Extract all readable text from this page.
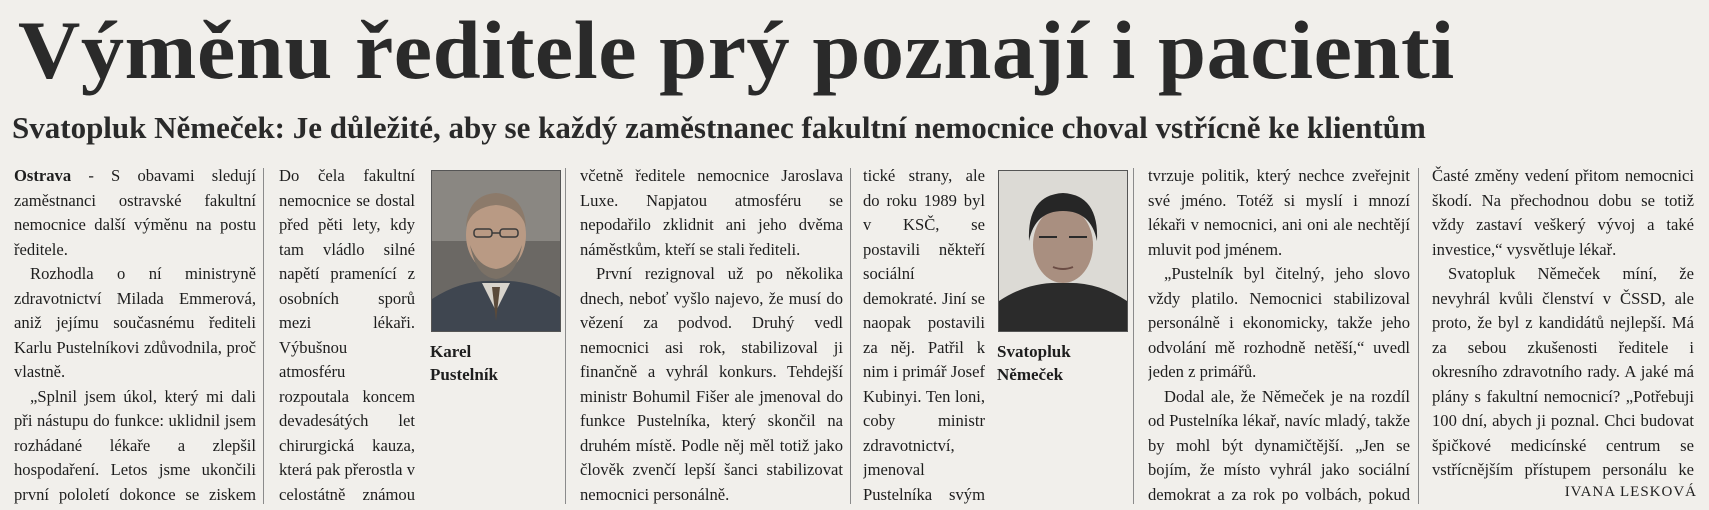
Výměnu ředitele prý poznají i pacienti
Svatopluk Němeček: Je důležité, aby se každý zaměstnanec fakultní nemocnice choval vstřícně ke klientům

Ostrava - S obavami sledují zaměstnanci ostravské fakultní nemocnice další výměnu na postu ředitele.

Rozhodla o ní ministryně zdravotnictví Milada Emmerová, aniž jejímu současnému řediteli Karlu Pustelníkovi zdůvodnila, proč vlastně.

„Splnil jsem úkol, který mi dali při nástupu do funkce: uklidnil jsem rozhádané lékaře a zlepšil hospodaření. Letos jsme ukončili první pololetí dokonce se ziskem

Do čela fakultní nemocnice se dostal před pěti lety, kdy tam vládlo silné napětí pramenící z osobních sporů mezi lékaři. Výbušnou atmosféru rozpoutala koncem devadesátých let chirurgická kauza, která pak přerostla v celostátně známou

Karel
Pustelník

včetně ředitele nemocnice Jaroslava Luxe. Napjatou atmosféru se nepodařilo zklidnit ani jeho dvěma náměstkům, kteří se stali řediteli.

První rezignoval už po několika dnech, neboť vyšlo najevo, že musí do vězení za podvod. Druhý vedl nemocnici asi rok, stabilizoval ji finančně a vyhrál konkurs. Tehdejší ministr Bohumil Fišer ale jmenoval do funkce Pustelníka, který skončil na druhém místě. Podle něj měl totiž jako člověk zvenčí lepší šanci stabilizovat nemocnici personálně.

tické strany, ale do roku 1989 byl v KSČ, se postavili někteří sociální demokraté. Jiní se naopak postavili za něj. Patřil k nim i primář Josef Kubinyi. Ten loni, coby ministr zdravotnictví, jmenoval Pustelníka svým

Svatopluk
Němeček

tvrzuje politik, který nechce zveřejnit své jméno. Totéž si myslí i mnozí lékaři v nemocnici, ani oni ale nechtějí mluvit pod jménem.

„Pustelník byl čitelný, jeho slovo vždy platilo. Nemocnici stabilizoval personálně i ekonomicky, takže jeho odvolání mě rozhodně netěší,“ uvedl jeden z primářů.

Dodal ale, že Němeček je na rozdíl od Pustelníka lékař, navíc mladý, takže by mohl být dynamičtější. „Jen se bojím, že místo vyhrál jako sociální demokrat a za rok po volbách, pokud

Časté změny vedení přitom nemocnici škodí. Na přechodnou dobu se totiž vždy zastaví veškerý vývoj a také investice,“ vysvětluje lékař.

Svatopluk Němeček míní, že nevyhrál kvůli členství v ČSSD, ale proto, že byl z kandidátů nejlepší. Má za sebou zkušenosti ředitele i okresního zdravotního rady. A jaké má plány s fakultní nemocnicí? „Potřebuji 100 dní, abych ji poznal. Chci budovat špičkové medicínské centrum se vstřícnějším přístupem personálu ke

IVANA LESKOVÁ
